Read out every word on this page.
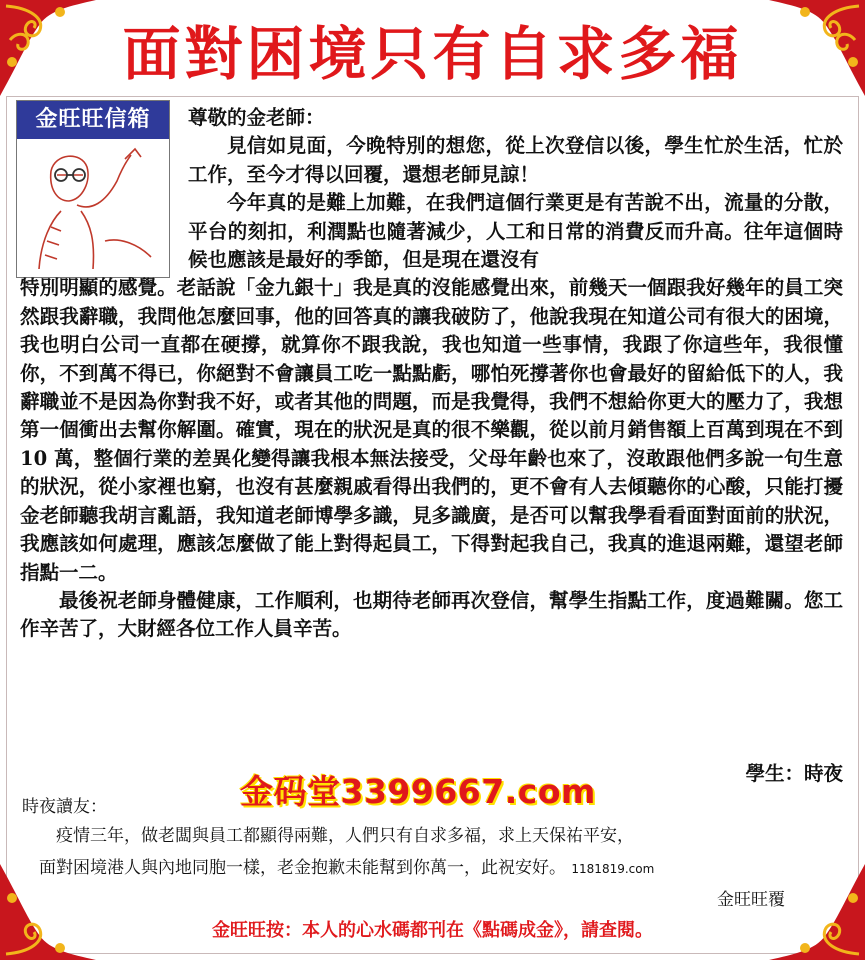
面對困境只有自求多福
金旺旺信箱	尊敬的金老師：

見信如見面，今晚特別的想您，從上次登信以後，學生忙於生活，忙於工作，至今才得以回覆，還想老師見諒！

今年真的是難上加難，在我們這個行業更是有苦說不出，流量的分散，平台的刻扣，利潤點也隨著減少，人工和日常的消費反而升高。往年這個時候也應該是最好的季節，但是現在還沒有

特別明顯的感覺。老話說「金九銀十」我是真的沒能感覺出來，前幾天一個跟我好幾年的員工突然跟我辭職，我問他怎麼回事，他的回答真的讓我破防了，他說我現在知道公司有很大的困境，我也明白公司一直都在硬撐，就算你不跟我說，我也知道一些事情，我跟了你這些年，我很懂你，不到萬不得已，你絕對不會讓員工吃一點點虧，哪怕死撐著你也會最好的留給低下的人，我辭職並不是因為你對我不好，或者其他的問題，而是我覺得，我們不想給你更大的壓力了，我想第一個衝出去幫你解圍。確實，現在的狀況是真的很不樂觀，從以前月銷售額上百萬到現在不到 10 萬，整個行業的差異化變得讓我根本無法接受，父母年齡也來了，沒敢跟他們多說一句生意的狀況，從小家裡也窮，也沒有甚麼親戚看得出我們的，更不會有人去傾聽你的心酸，只能打擾金老師聽我胡言亂語，我知道老師博學多識，見多識廣，是否可以幫我學看看面對面前的狀況，我應該如何處理，應該怎麼做了能上對得起員工，下得對起我自己，我真的進退兩難，還望老師指點一二。

最後祝老師身體健康，工作順利，也期待老師再次登信，幫學生指點工作，度過難關。您工作辛苦了，大財經各位工作人員辛苦。

學生：時夜
金码堂3399667.com
時夜讀友：

疫情三年，做老闆與員工都顯得兩難，人們只有自求多福，求上天保祐平安，

面對困境港人與內地同胞一樣，老金抱歉未能幫到你萬一，此祝安好。 1181819.com

金旺旺覆
金旺旺按：本人的心水碼都刊在《點碼成金》，請查閱。
